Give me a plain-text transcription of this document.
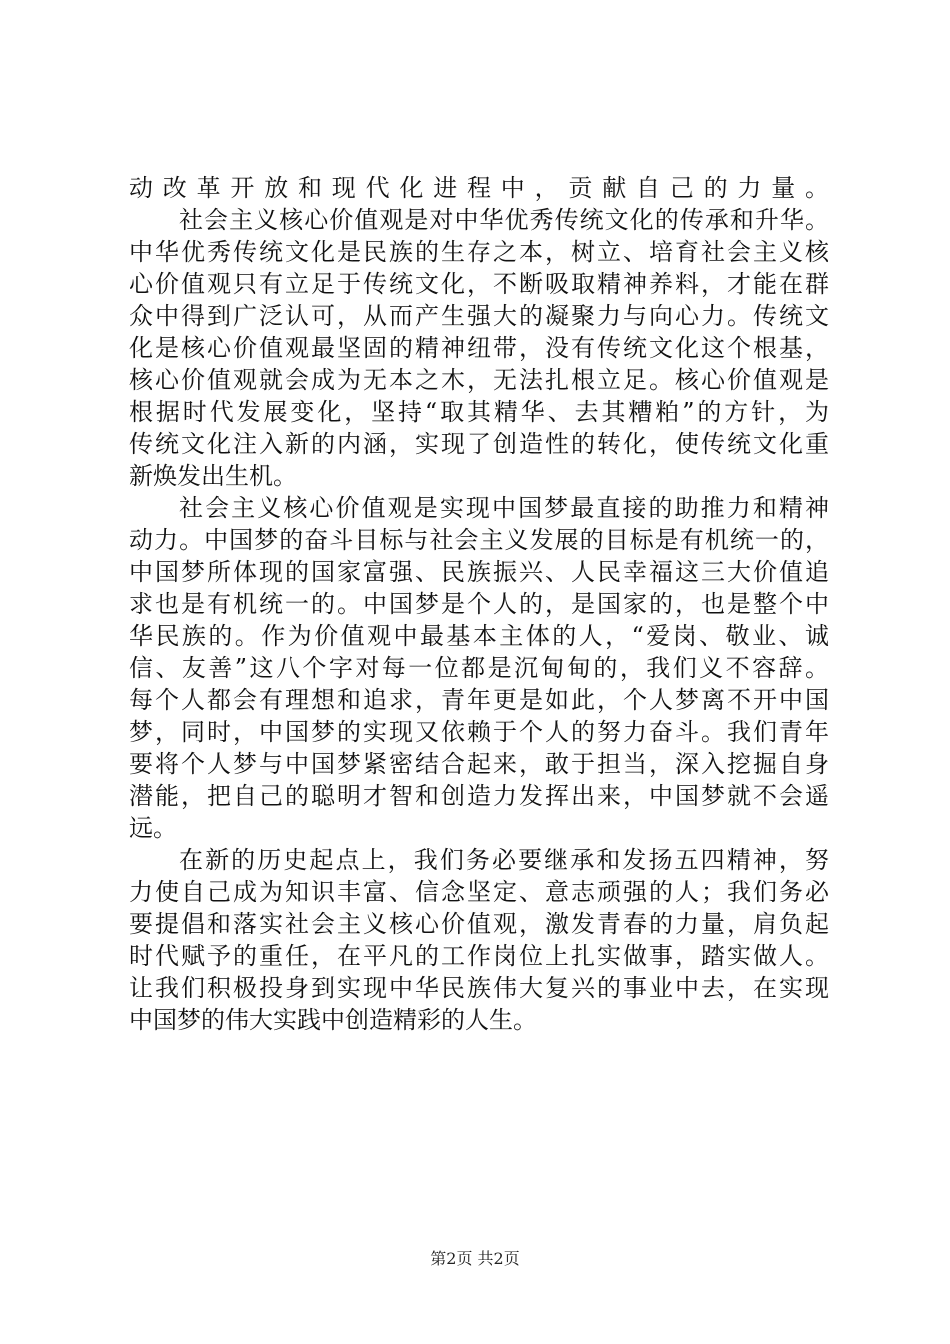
动改革开放和现代化进程中，贡献自己的力量。
社会主义核心价值观是对中华优秀传统文化的传承和升华。
中华优秀传统文化是民族的生存之本，树立、培育社会主义核
心价值观只有立足于传统文化，不断吸取精神养料，才能在群
众中得到广泛认可，从而产生强大的凝聚力与向心力。传统文
化是核心价值观最坚固的精神纽带，没有传统文化这个根基，
核心价值观就会成为无本之木，无法扎根立足。核心价值观是
根据时代发展变化，坚持“取其精华、去其糟粕”的方针，为
传统文化注入新的内涵，实现了创造性的转化，使传统文化重
新焕发出生机。
社会主义核心价值观是实现中国梦最直接的助推力和精神
动力。中国梦的奋斗目标与社会主义发展的目标是有机统一的，
中国梦所体现的国家富强、民族振兴、人民幸福这三大价值追
求也是有机统一的。中国梦是个人的，是国家的，也是整个中
华民族的。作为价值观中最基本主体的人，“爱岗、敬业、诚
信、友善”这八个字对每一位都是沉甸甸的，我们义不容辞。
每个人都会有理想和追求，青年更是如此，个人梦离不开中国
梦，同时，中国梦的实现又依赖于个人的努力奋斗。我们青年
要将个人梦与中国梦紧密结合起来，敢于担当，深入挖掘自身
潜能，把自己的聪明才智和创造力发挥出来，中国梦就不会遥
远。
在新的历史起点上，我们务必要继承和发扬五四精神，努
力使自己成为知识丰富、信念坚定、意志顽强的人；我们务必
要提倡和落实社会主义核心价值观，激发青春的力量，肩负起
时代赋予的重任，在平凡的工作岗位上扎实做事，踏实做人。
让我们积极投身到实现中华民族伟大复兴的事业中去，在实现
中国梦的伟大实践中创造精彩的人生。
第2页 共2页
